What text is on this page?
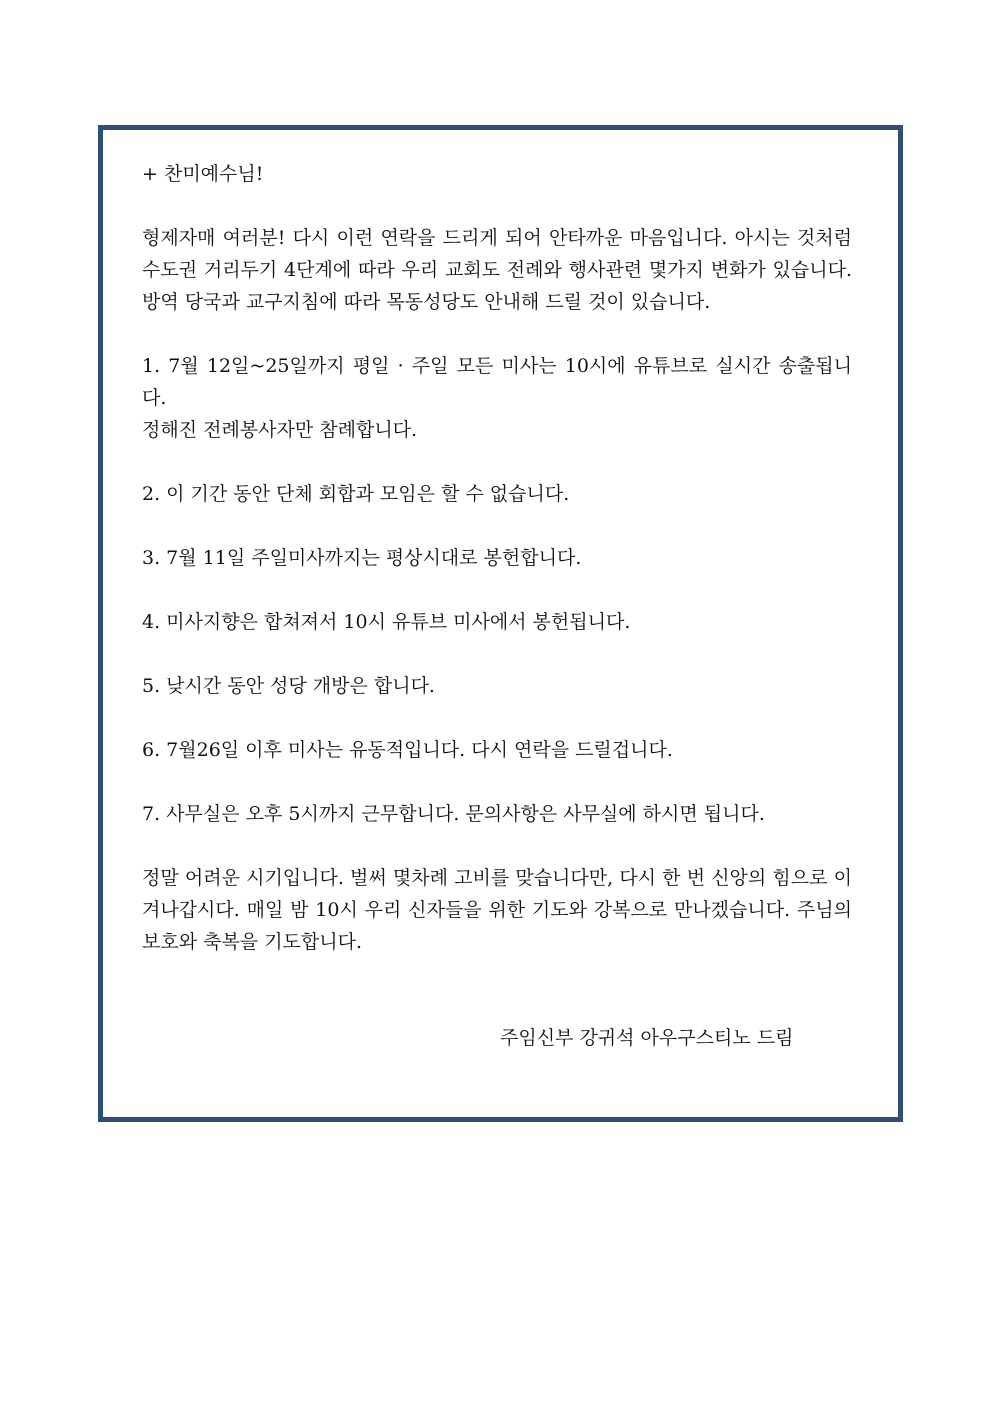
+ 찬미예수님!

형제자매 여러분! 다시 이런 연락을 드리게 되어 안타까운 마음입니다. 아시는 것처럼 수도권 거리두기 4단계에 따라 우리 교회도 전례와 행사관련 몇가지 변화가 있습니다.방역 당국과 교구지침에 따라 목동성당도 안내해 드릴 것이 있습니다.

1. 7월 12일~25일까지 평일 · 주일 모든 미사는 10시에 유튜브로 실시간 송출됩니다.
정해진 전례봉사자만 참례합니다.

2. 이 기간 동안 단체 회합과 모임은 할 수 없습니다.

3. 7월 11일 주일미사까지는 평상시대로 봉헌합니다.

4. 미사지향은 합쳐져서 10시 유튜브 미사에서 봉헌됩니다.

5. 낮시간 동안 성당 개방은 합니다.

6. 7월26일 이후 미사는 유동적입니다. 다시 연락을 드릴겁니다.

7. 사무실은 오후 5시까지 근무합니다. 문의사항은 사무실에 하시면 됩니다.

정말 어려운 시기입니다. 벌써 몇차례 고비를 맞습니다만, 다시 한 번 신앙의 힘으로 이겨나갑시다. 매일 밤 10시 우리 신자들을 위한 기도와 강복으로 만나겠습니다. 주님의 보호와 축복을 기도합니다.

주임신부 강귀석 아우구스티노 드림
